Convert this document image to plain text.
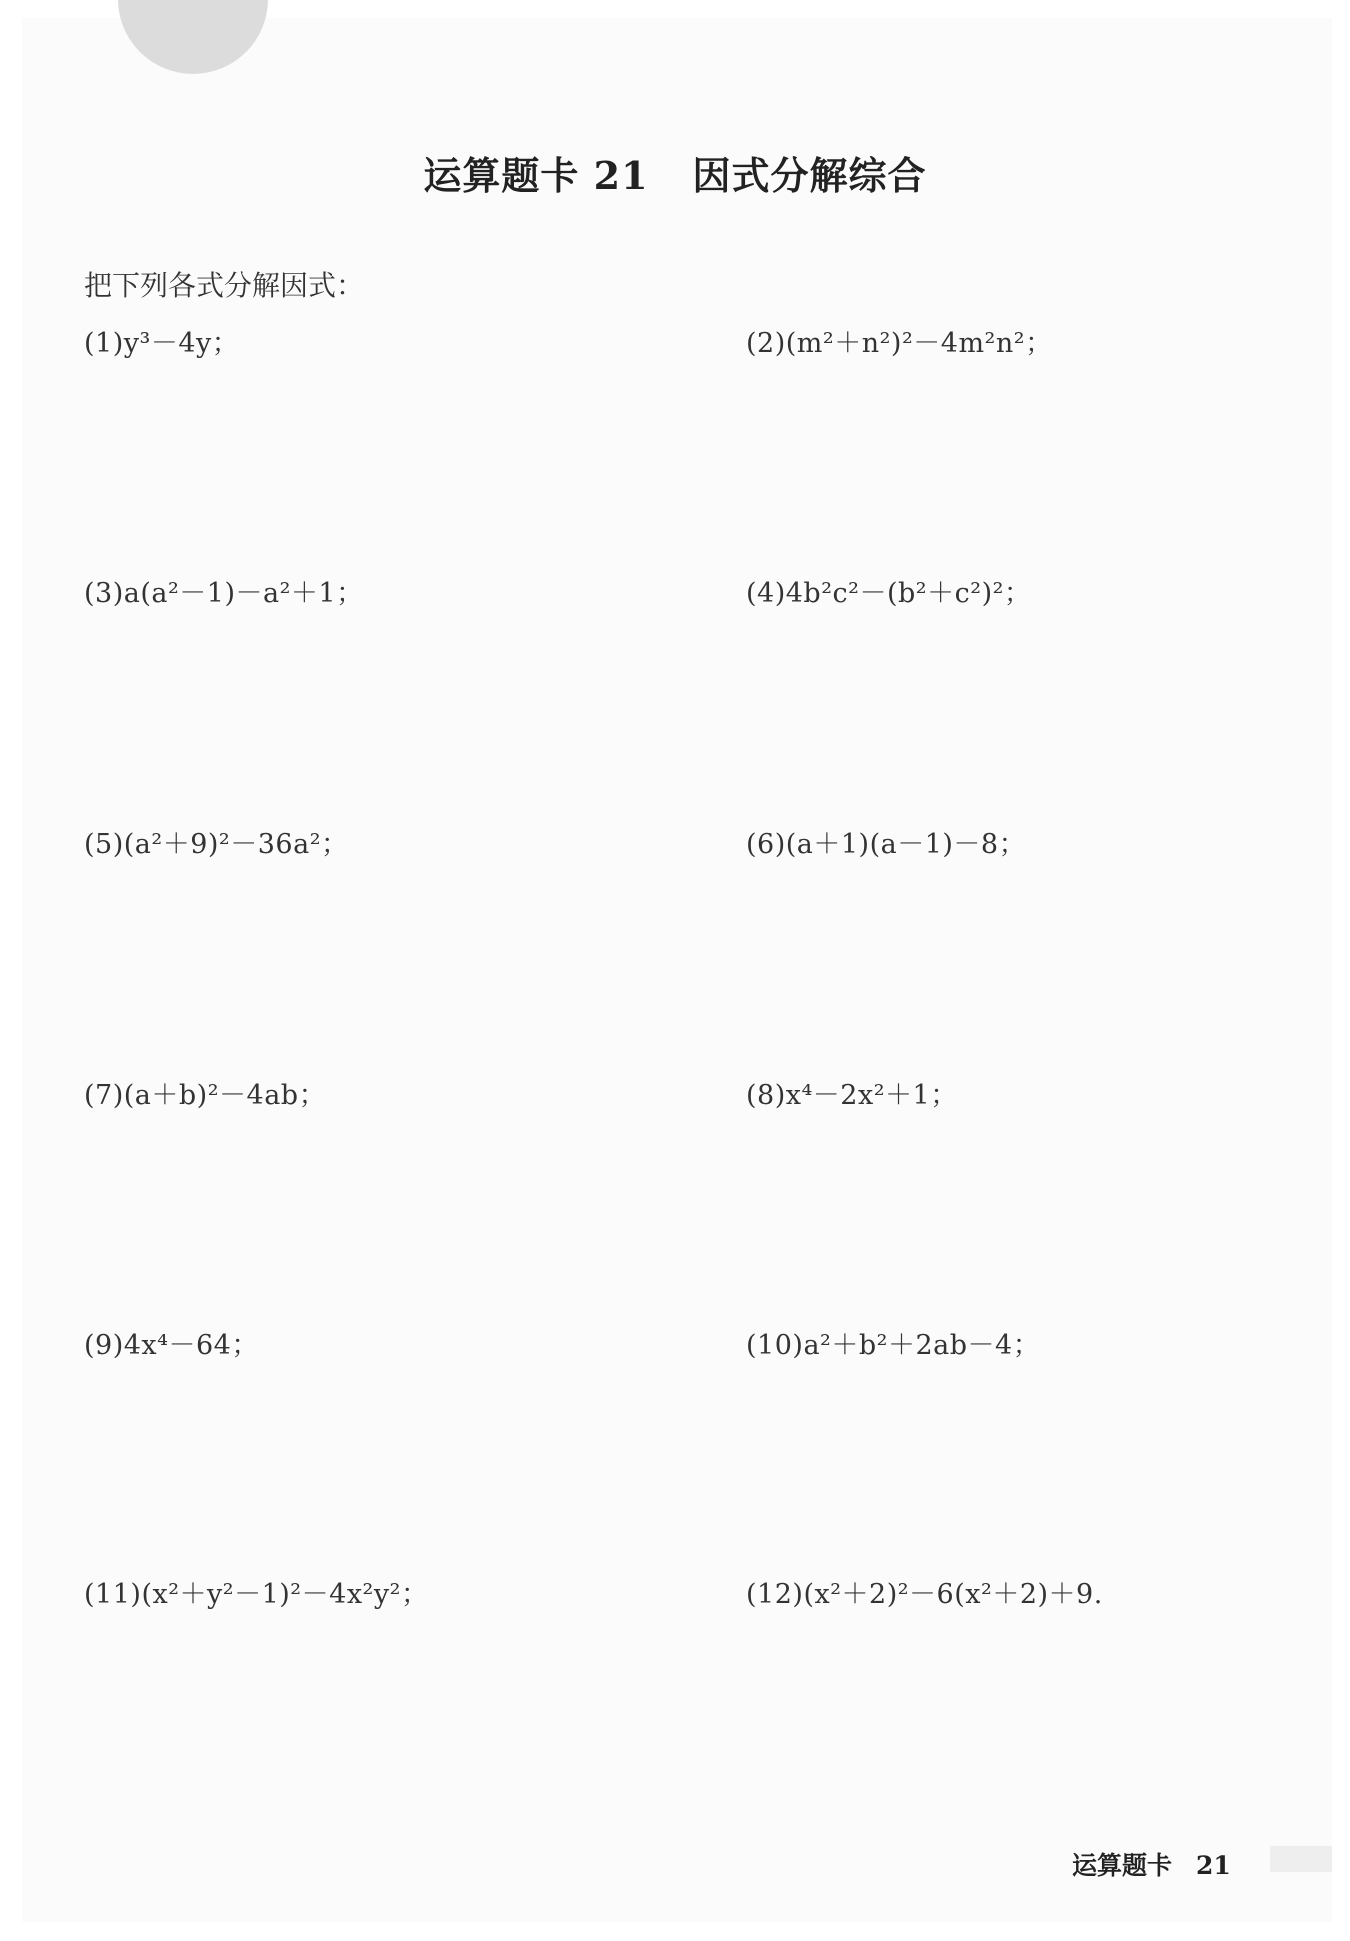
运算题卡 21 因式分解综合
把下列各式分解因式：
(1)y³－4y；	(2)(m²＋n²)²－4m²n²；
(3)a(a²－1)－a²＋1；	(4)4b²c²－(b²＋c²)²；
(5)(a²＋9)²－36a²；	(6)(a＋1)(a－1)－8；
(7)(a＋b)²－4ab；	(8)x⁴－2x²＋1；
(9)4x⁴－64；	(10)a²＋b²＋2ab－4；
(11)(x²＋y²－1)²－4x²y²；	(12)(x²＋2)²－6(x²＋2)＋9.
运算题卡 21
